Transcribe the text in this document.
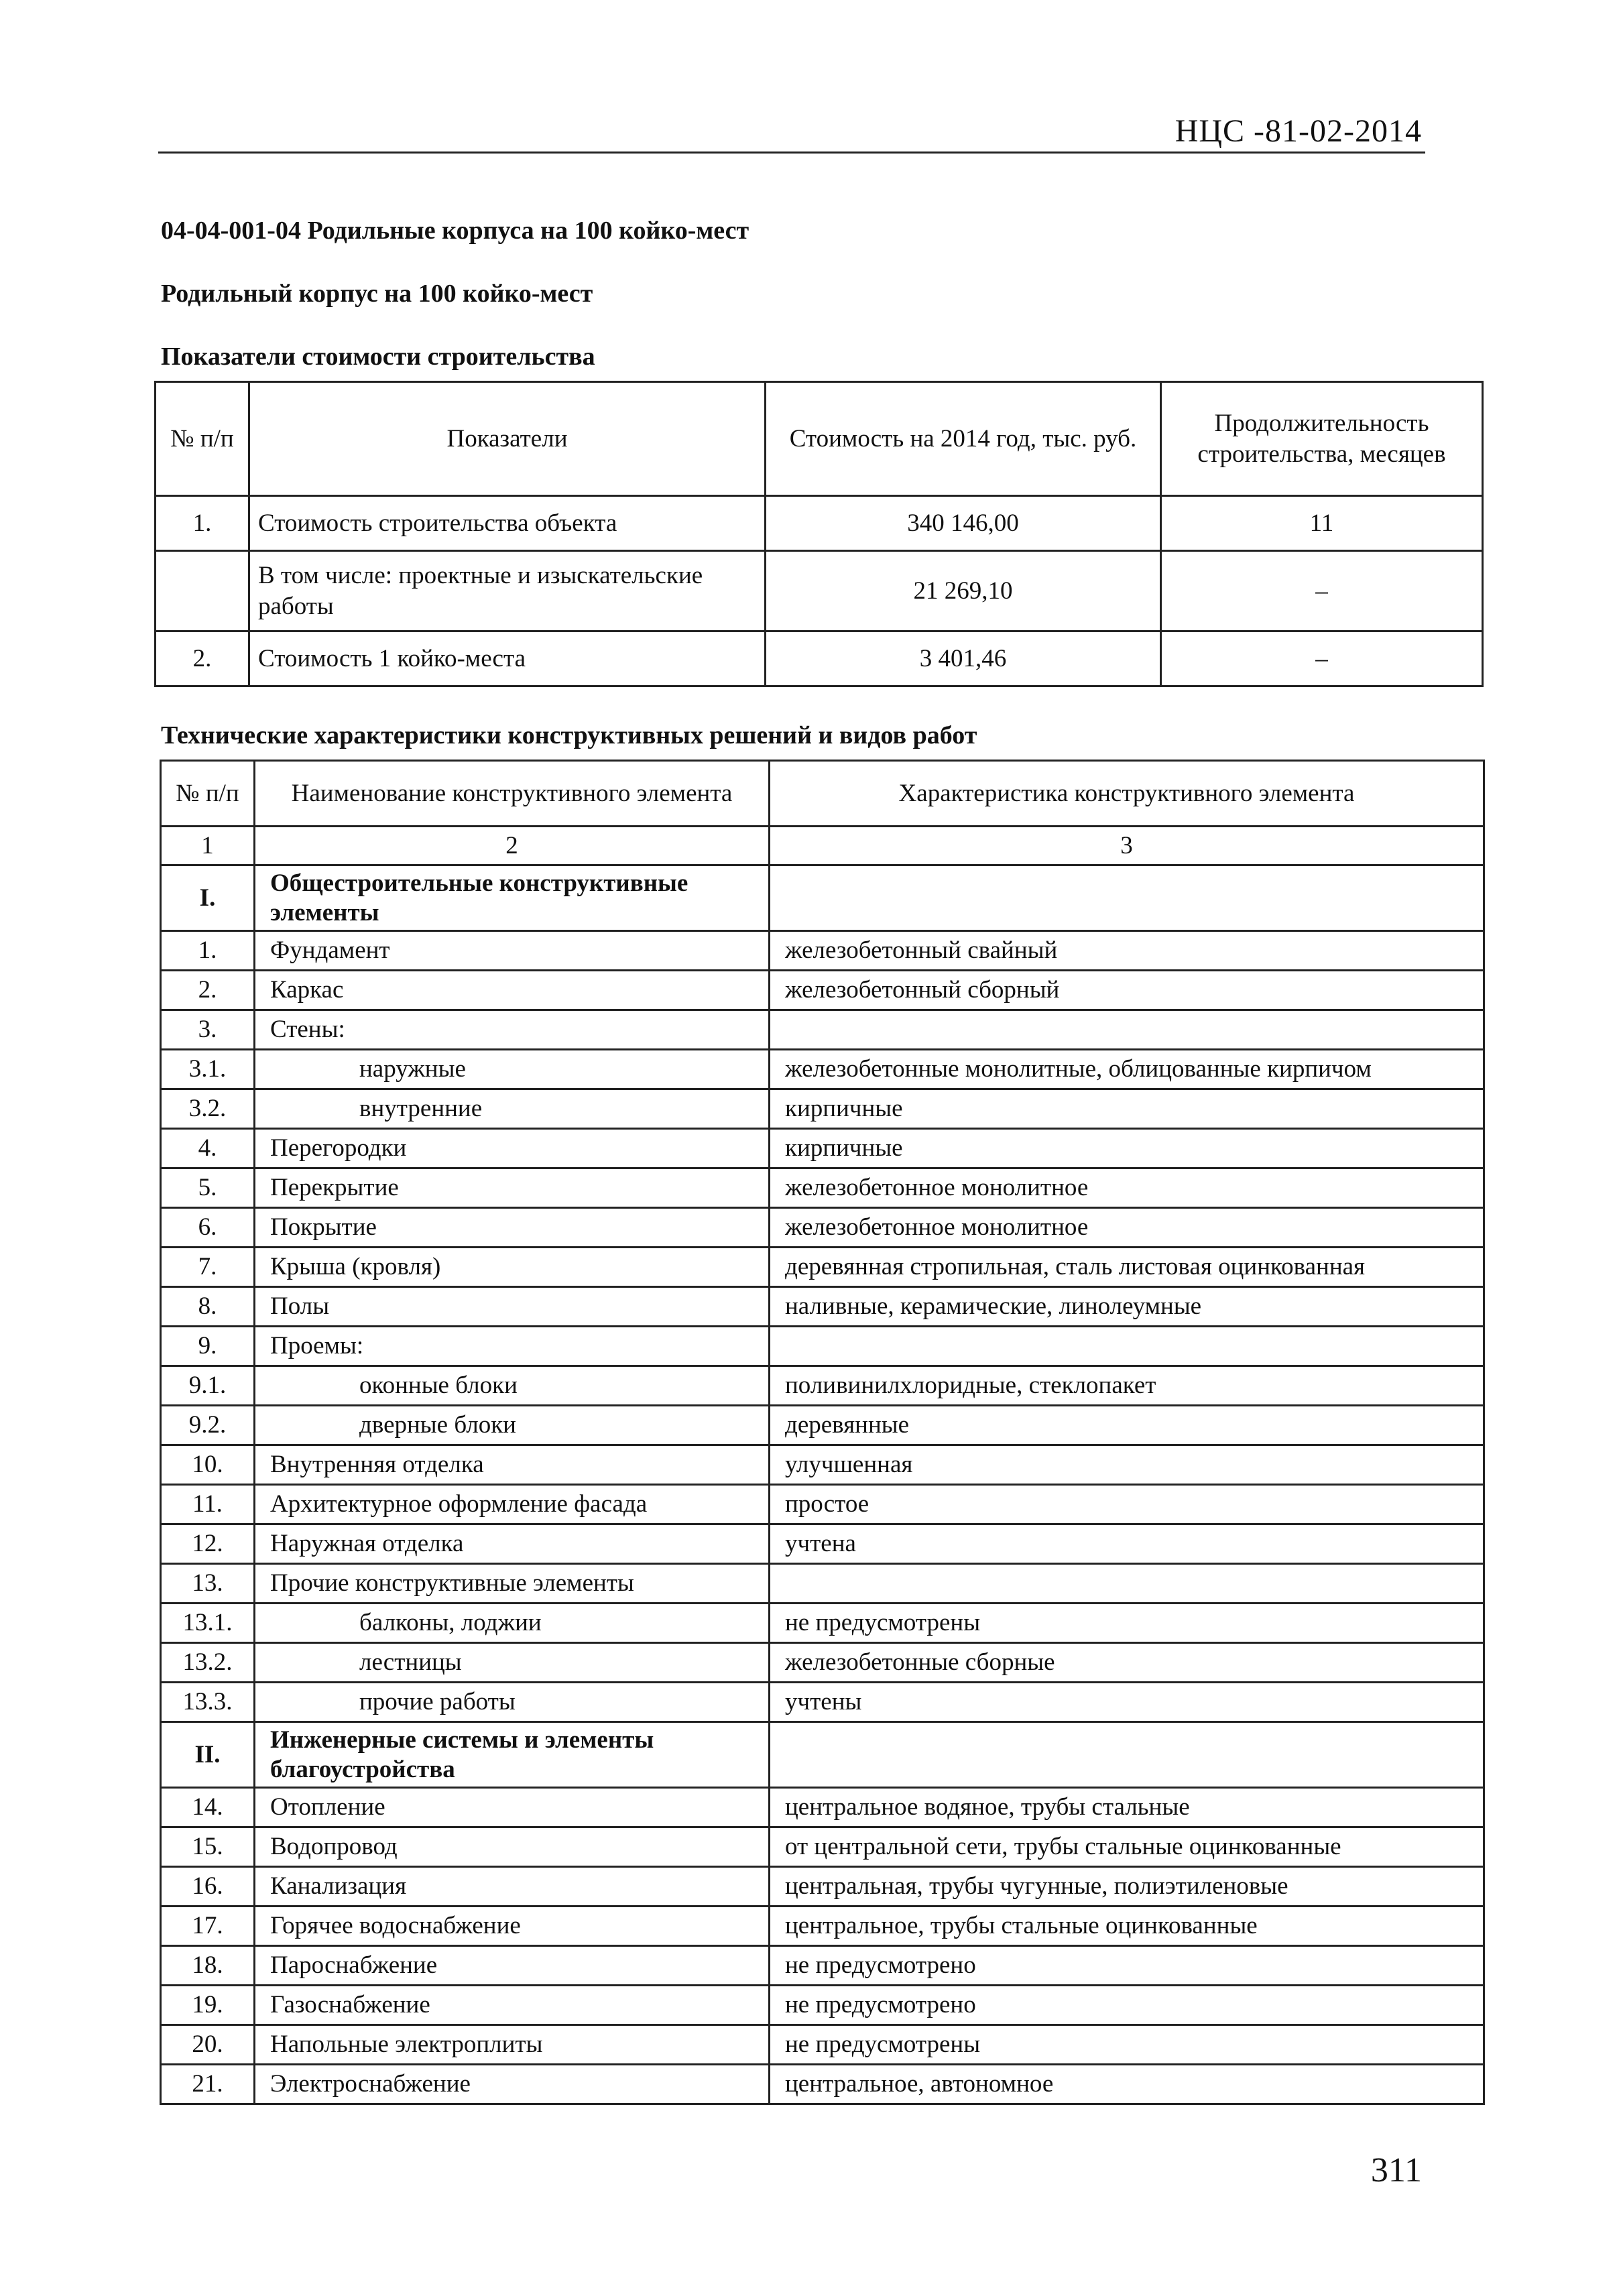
НЦС -81-02-2014
04-04-001-04 Родильные корпуса на 100 койко-мест
Родильный корпус на 100 койко-мест
Показатели стоимости строительства
№ п/п	Показатели	Стоимость на 2014 год, тыс. руб.	Продолжительность строительства, месяцев
1.	Стоимость строительства объекта	340 146,00	11
	В том числе: проектные и изыскательские работы	21 269,10	–
2.	Стоимость 1 койко-места	3 401,46	–
Технические характеристики конструктивных решений и видов работ
№ п/п	Наименование конструктивного элемента	Характеристика конструктивного элемента
1	2	3
I.	Общестроительные конструктивные элементы	
1.	Фундамент	железобетонный свайный
2.	Каркас	железобетонный сборный
3.	Стены:	
3.1.	наружные	железобетонные монолитные, облицованные кирпичом
3.2.	внутренние	кирпичные
4.	Перегородки	кирпичные
5.	Перекрытие	железобетонное монолитное
6.	Покрытие	железобетонное монолитное
7.	Крыша (кровля)	деревянная стропильная, сталь листовая оцинкованная
8.	Полы	наливные, керамические, линолеумные
9.	Проемы:	
9.1.	оконные блоки	поливинилхлоридные, стеклопакет
9.2.	дверные блоки	деревянные
10.	Внутренняя отделка	улучшенная
11.	Архитектурное оформление фасада	простое
12.	Наружная отделка	учтена
13.	Прочие конструктивные элементы	
13.1.	балконы, лоджии	не предусмотрены
13.2.	лестницы	железобетонные сборные
13.3.	прочие работы	учтены
II.	Инженерные системы и элементы благоустройства	
14.	Отопление	центральное водяное, трубы стальные
15.	Водопровод	от центральной сети, трубы стальные оцинкованные
16.	Канализация	центральная, трубы чугунные, полиэтиленовые
17.	Горячее водоснабжение	центральное, трубы стальные оцинкованные
18.	Пароснабжение	не предусмотрено
19.	Газоснабжение	не предусмотрено
20.	Напольные электроплиты	не предусмотрены
21.	Электроснабжение	центральное, автономное
311
